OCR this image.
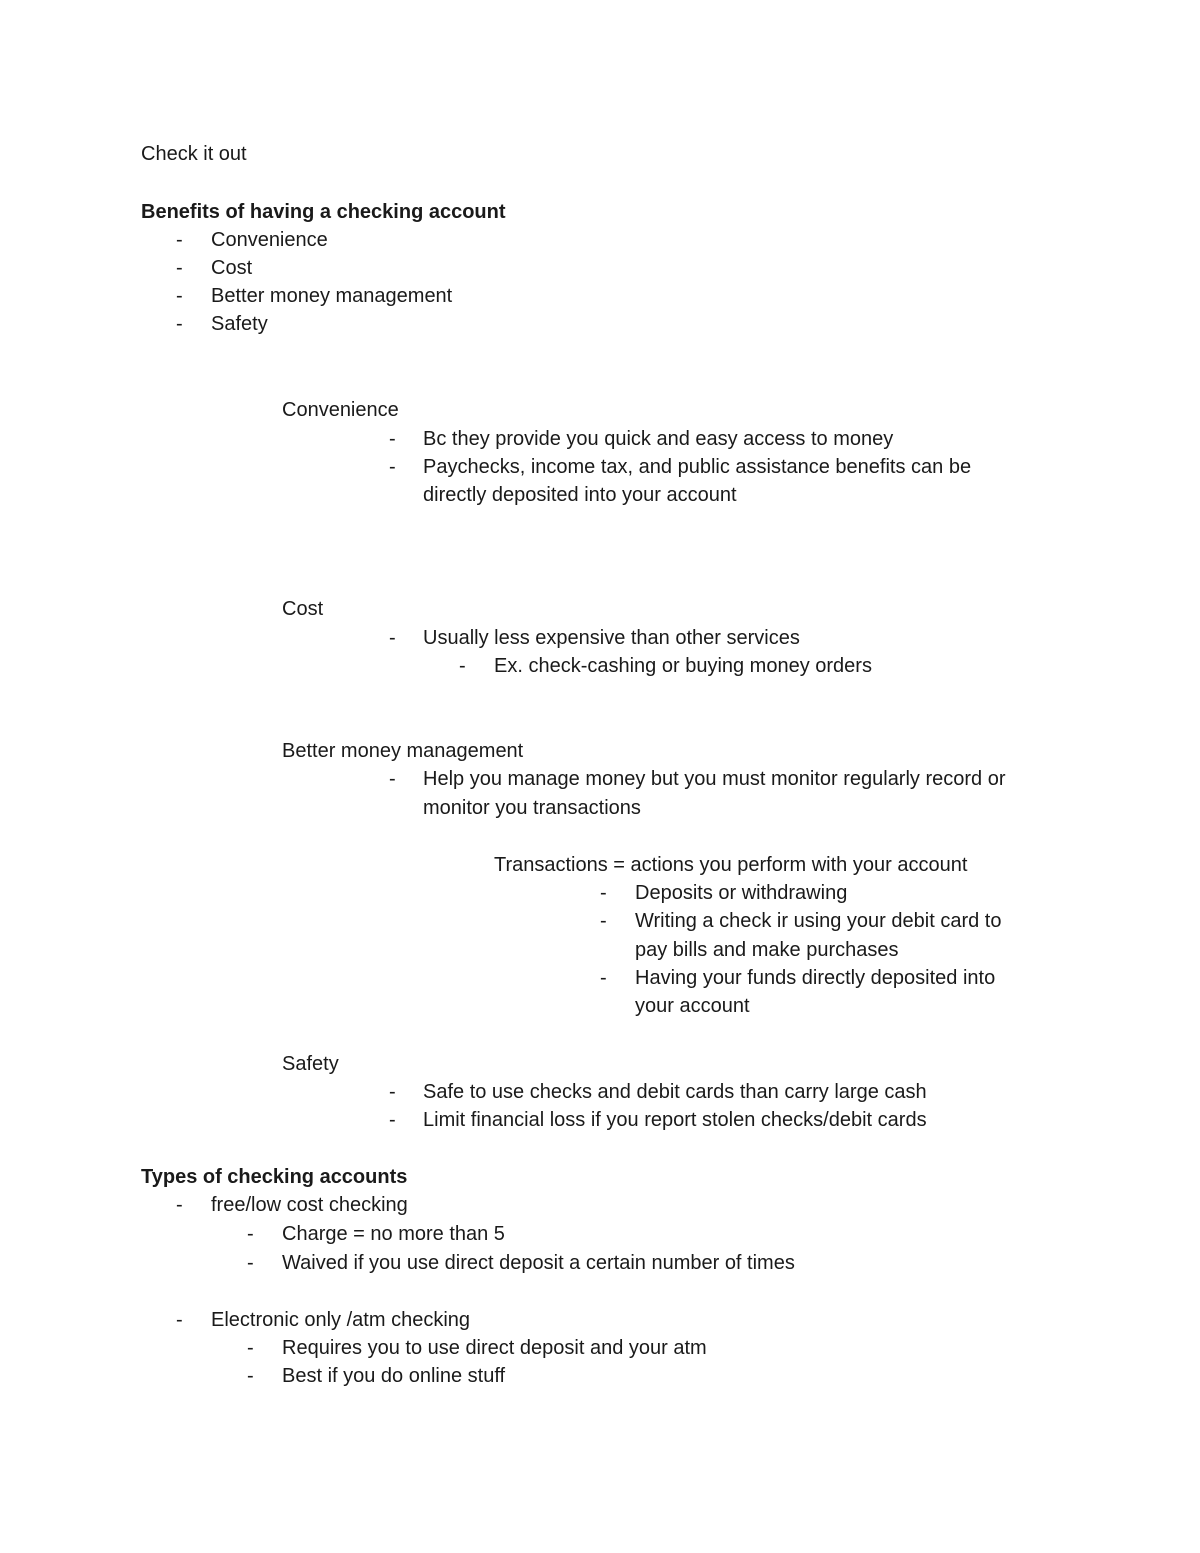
Check it out
Benefits of having a checking account
- Convenience
- Cost
- Better money management
- Safety
Convenience
- Bc they provide you quick and easy access to money
- Paychecks, income tax, and public assistance benefits can be
directly deposited into your account
Cost
- Usually less expensive than other services
- Ex. check-cashing or buying money orders
Better money management
- Help you manage money but you must monitor regularly record or
monitor you transactions
Transactions = actions you perform with your account
- Deposits or withdrawing
- Writing a check ir using your debit card to
pay bills and make purchases
- Having your funds directly deposited into
your account
Safety
- Safe to use checks and debit cards than carry large cash
- Limit financial loss if you report stolen checks/debit cards
Types of checking accounts
- free/low cost checking
- Charge = no more than 5
- Waived if you use direct deposit a certain number of times
- Electronic only /atm checking
- Requires you to use direct deposit and your atm
- Best if you do online stuff
